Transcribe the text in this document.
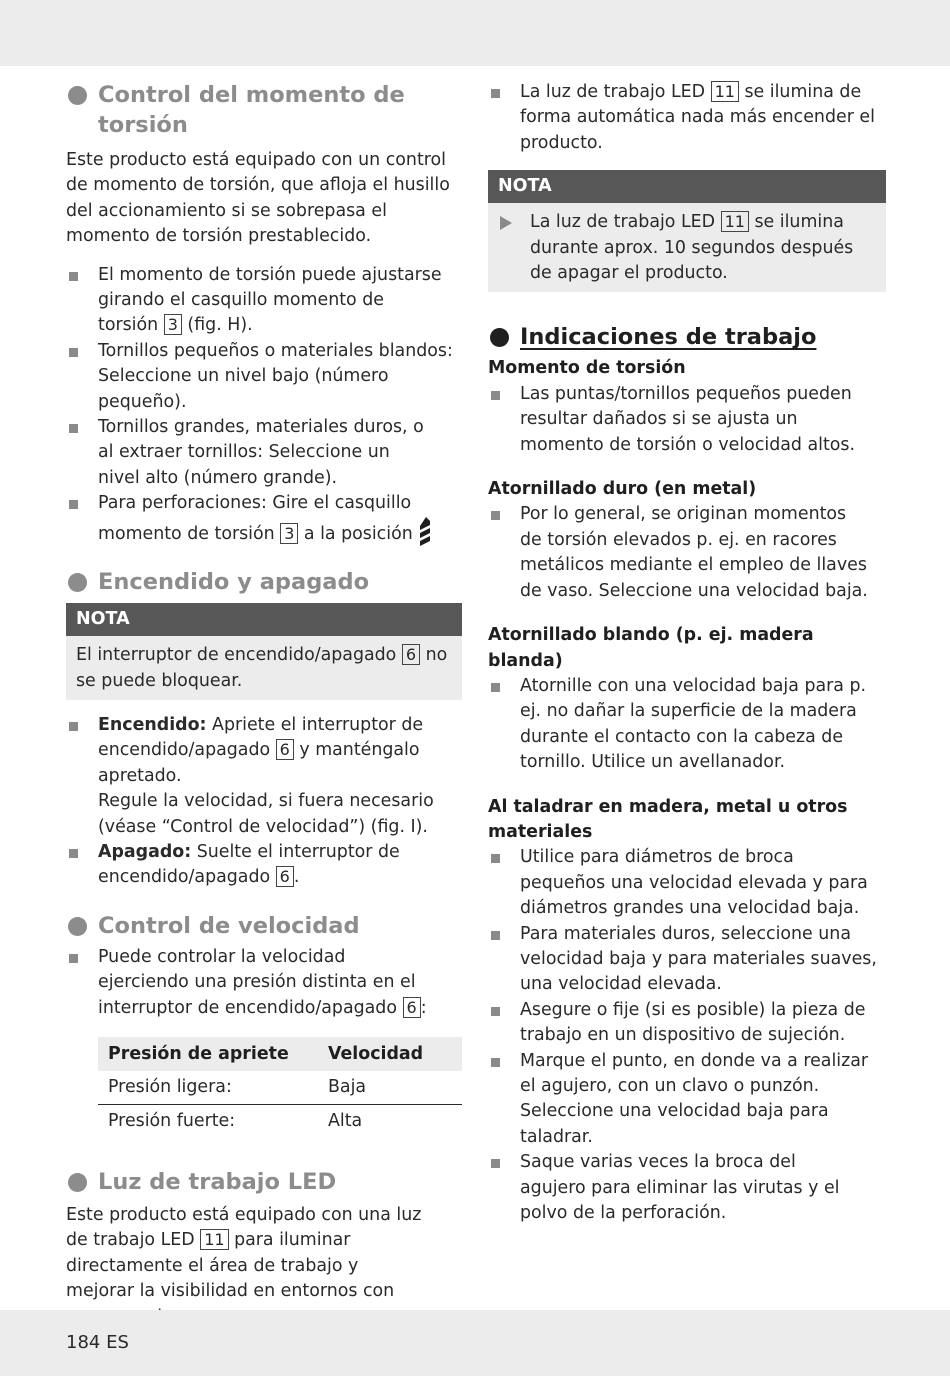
Control del momento de torsión

Este producto está equipado con un control de momento de torsión, que afloja el husillo del accionamiento si se sobrepasa el momento de torsión prestablecido.

El momento de torsión puede ajustarse girando el casquillo momento de torsión 3 (fig. H).
Tornillos pequeños o materiales blandos: Seleccione un nivel bajo (número pequeño).
Tornillos grandes, materiales duros, o al extraer tornillos: Seleccione un nivel alto (número grande).
Para perforaciones: Gire el casquillo momento de torsión 3 a la posición
Encendido y apagado
NOTA
El interruptor de encendido/apagado 6 no se puede bloquear.
Encendido: Apriete el interruptor de encendido/apagado 6 y manténgalo apretado.
Regule la velocidad, si fuera necesario (véase “Control de velocidad”) (fig. I).
Apagado: Suelte el interruptor de encendido/apagado 6 .
Control de velocidad
Puede controlar la velocidad ejerciendo una presión distinta en el interruptor de encendido/apagado 6 :
Presión de apriete	Velocidad
Presión ligera:	Baja
Presión fuerte:	Alta
Luz de trabajo LED

Este producto está equipado con una luz de trabajo LED 11 para iluminar directamente el área de trabajo y mejorar la visibilidad en entornos con

La luz de trabajo LED 11 se ilumina de forma automática nada más encender el producto.
NOTA
La luz de trabajo LED 11 se ilumina durante aprox. 10 segundos después de apagar el producto.
Indicaciones de trabajo
Momento de torsión
Las puntas/tornillos pequeños pueden resultar dañados si se ajusta un momento de torsión o velocidad altos.
Atornillado duro (en metal)
Por lo general, se originan momentos de torsión elevados p. ej. en racores metálicos mediante el empleo de llaves de vaso. Seleccione una velocidad baja.
Atornillado blando (p. ej. madera blanda)
Atornille con una velocidad baja para p. ej. no dañar la superficie de la madera durante el contacto con la cabeza de tornillo. Utilice un avellanador.
Al taladrar en madera, metal u otros materiales
Utilice para diámetros de broca pequeños una velocidad elevada y para diámetros grandes una velocidad baja.
Para materiales duros, seleccione una velocidad baja y para materiales suaves, una velocidad elevada.
Asegure o fije (si es posible) la pieza de trabajo en un dispositivo de sujeción.
Marque el punto, en donde va a realizar el agujero, con un clavo o punzón. Seleccione una velocidad baja para taladrar.
Saque varias veces la broca del agujero para eliminar las virutas y el polvo de la perforación.
184 ES
